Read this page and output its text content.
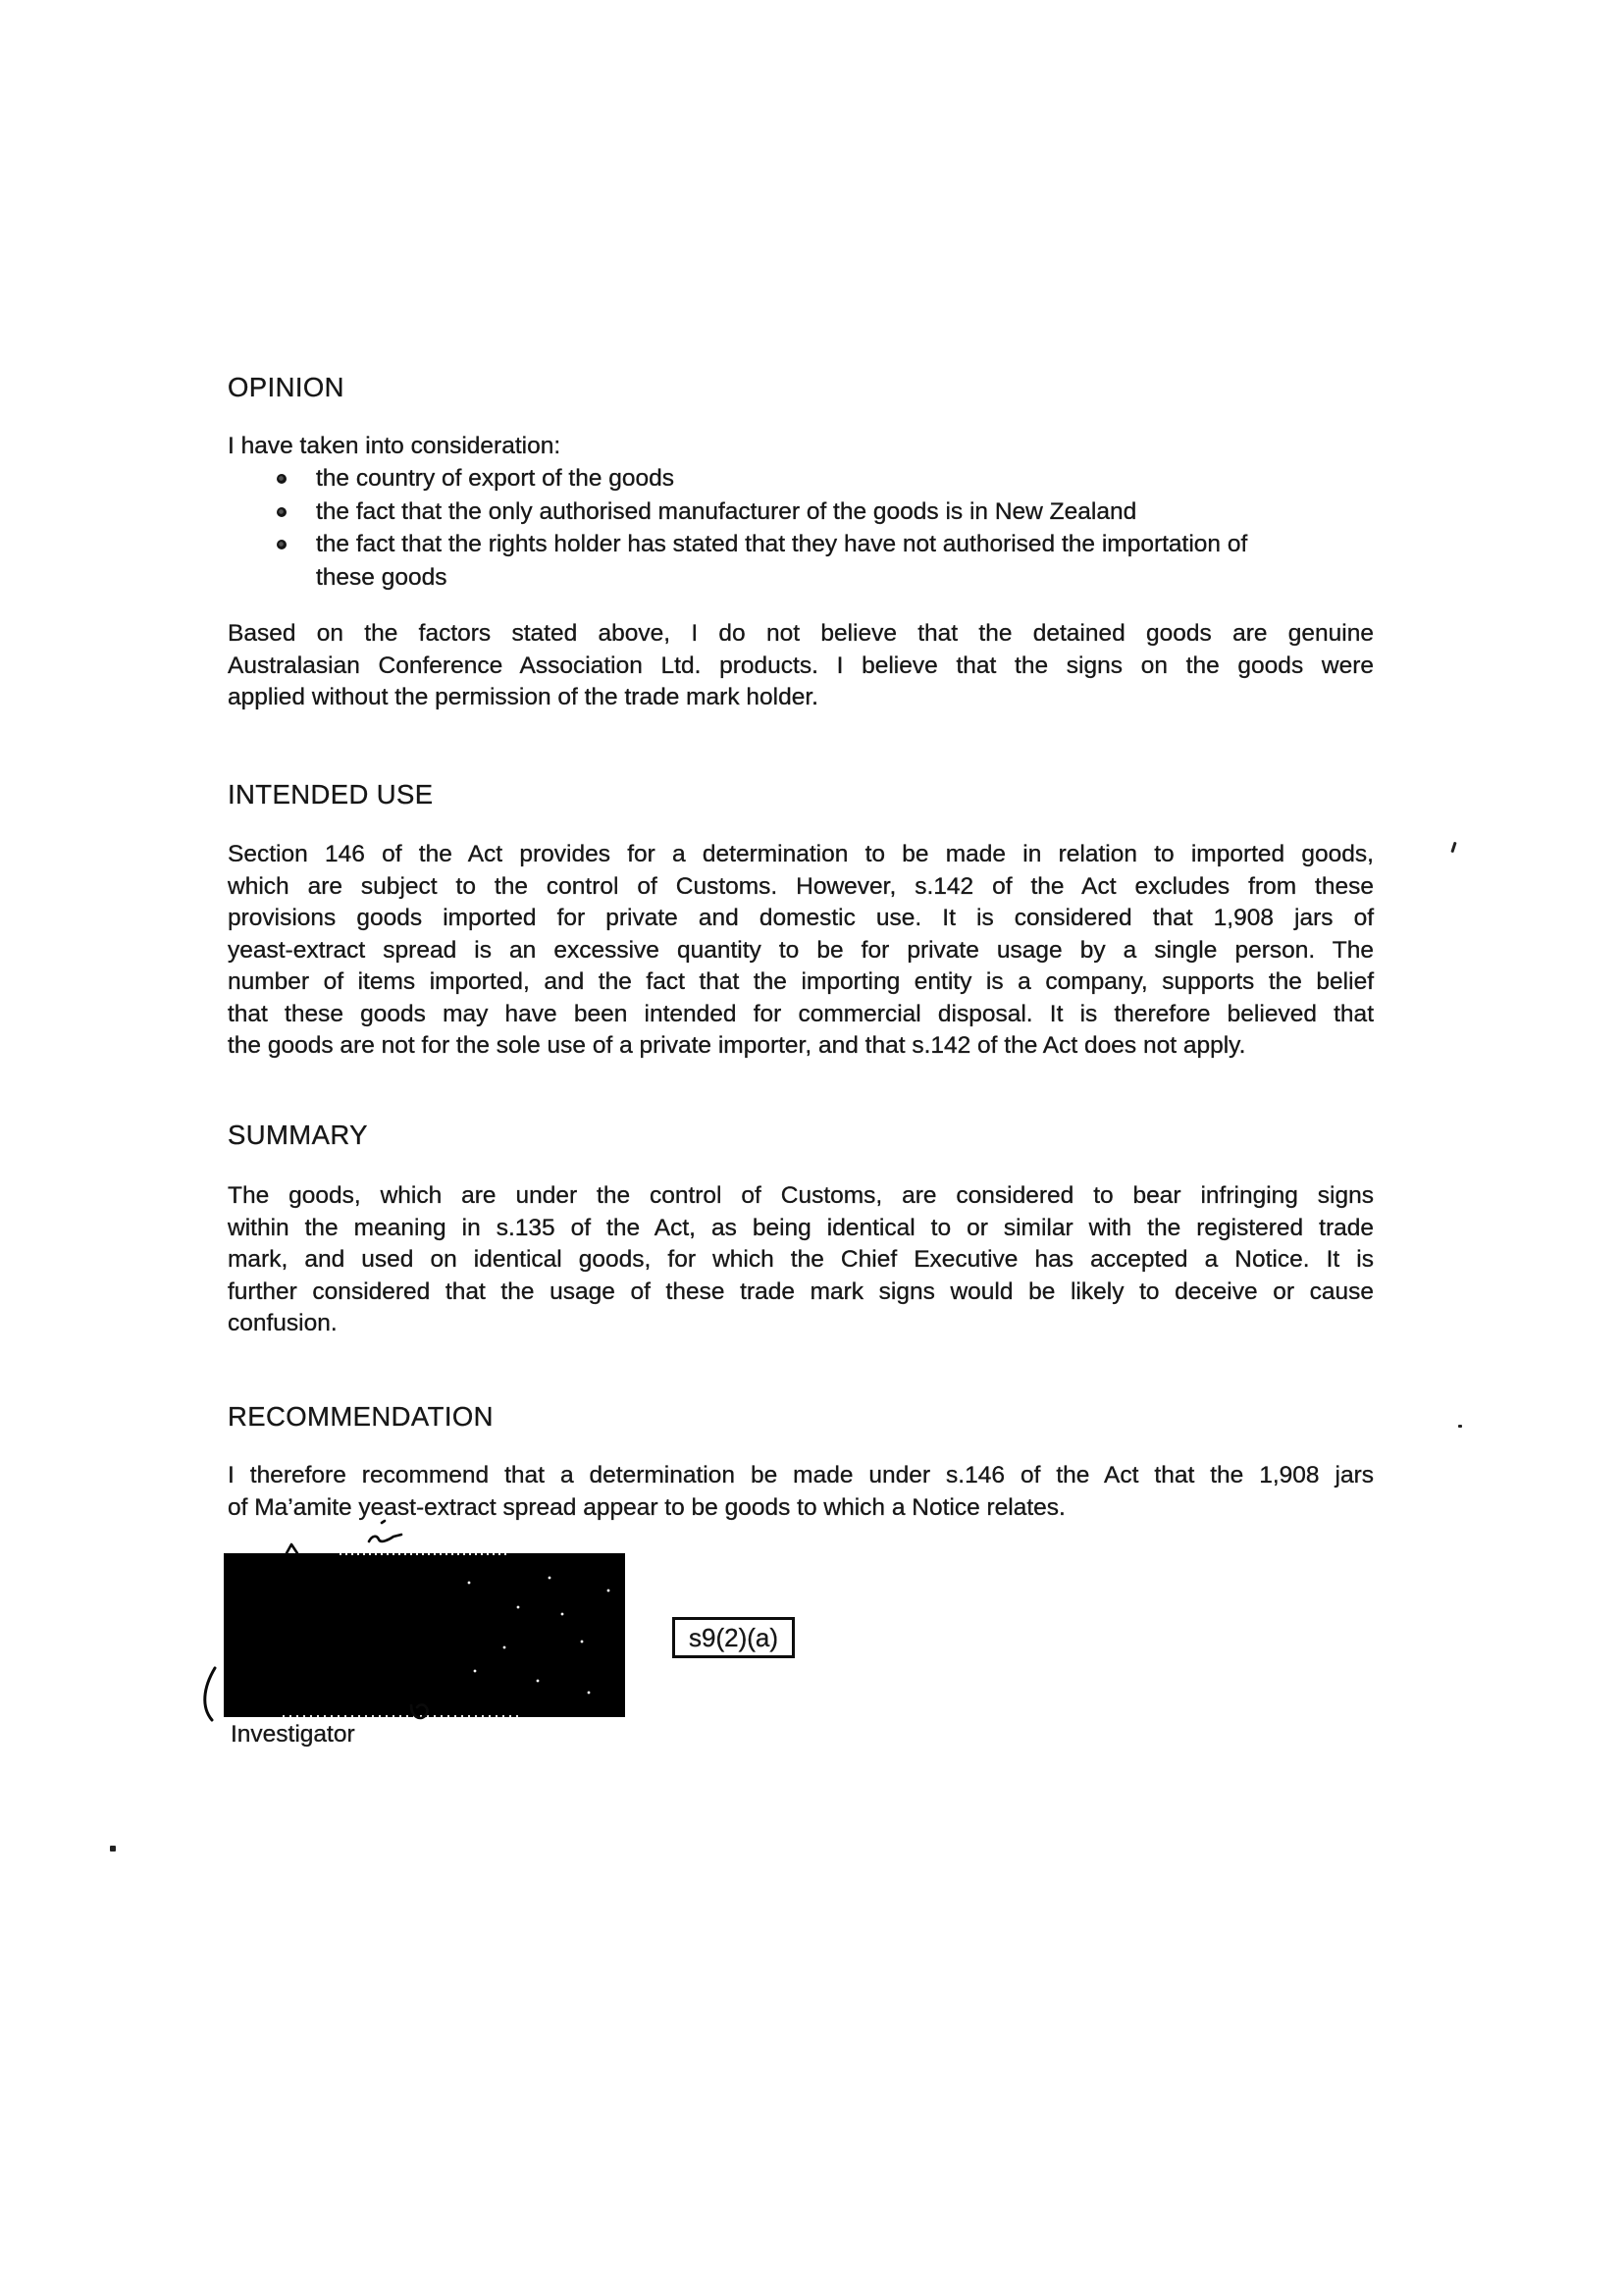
OPINION
I have taken into consideration:
the country of export of the goods
the fact that the only authorised manufacturer of the goods is in New Zealand
the fact that the rights holder has stated that they have not authorised the importation of
these goods
Based on the factors stated above, I do not believe that the detained goods are genuine
Australasian Conference Association Ltd. products. I believe that the signs on the goods were
applied without the permission of the trade mark holder.
INTENDED USE
Section 146 of the Act provides for a determination to be made in relation to imported goods,
which are subject to the control of Customs. However, s.142 of the Act excludes from these
provisions goods imported for private and domestic use. It is considered that 1,908 jars of
yeast-extract spread is an excessive quantity to be for private usage by a single person. The
number of items imported, and the fact that the importing entity is a company, supports the belief
that these goods may have been intended for commercial disposal. It is therefore believed that
the goods are not for the sole use of a private importer, and that s.142 of the Act does not apply.
SUMMARY
The goods, which are under the control of Customs, are considered to bear infringing signs
within the meaning in s.135 of the Act, as being identical to or similar with the registered trade
mark, and used on identical goods, for which the Chief Executive has accepted a Notice. It is
further considered that the usage of these trade mark signs would be likely to deceive or cause
confusion.
RECOMMENDATION
I therefore recommend that a determination be made under s.146 of the Act that the 1,908 jars
of Ma’amite yeast-extract spread appear to be goods to which a Notice relates.
s9(2)(a)
Investigator
